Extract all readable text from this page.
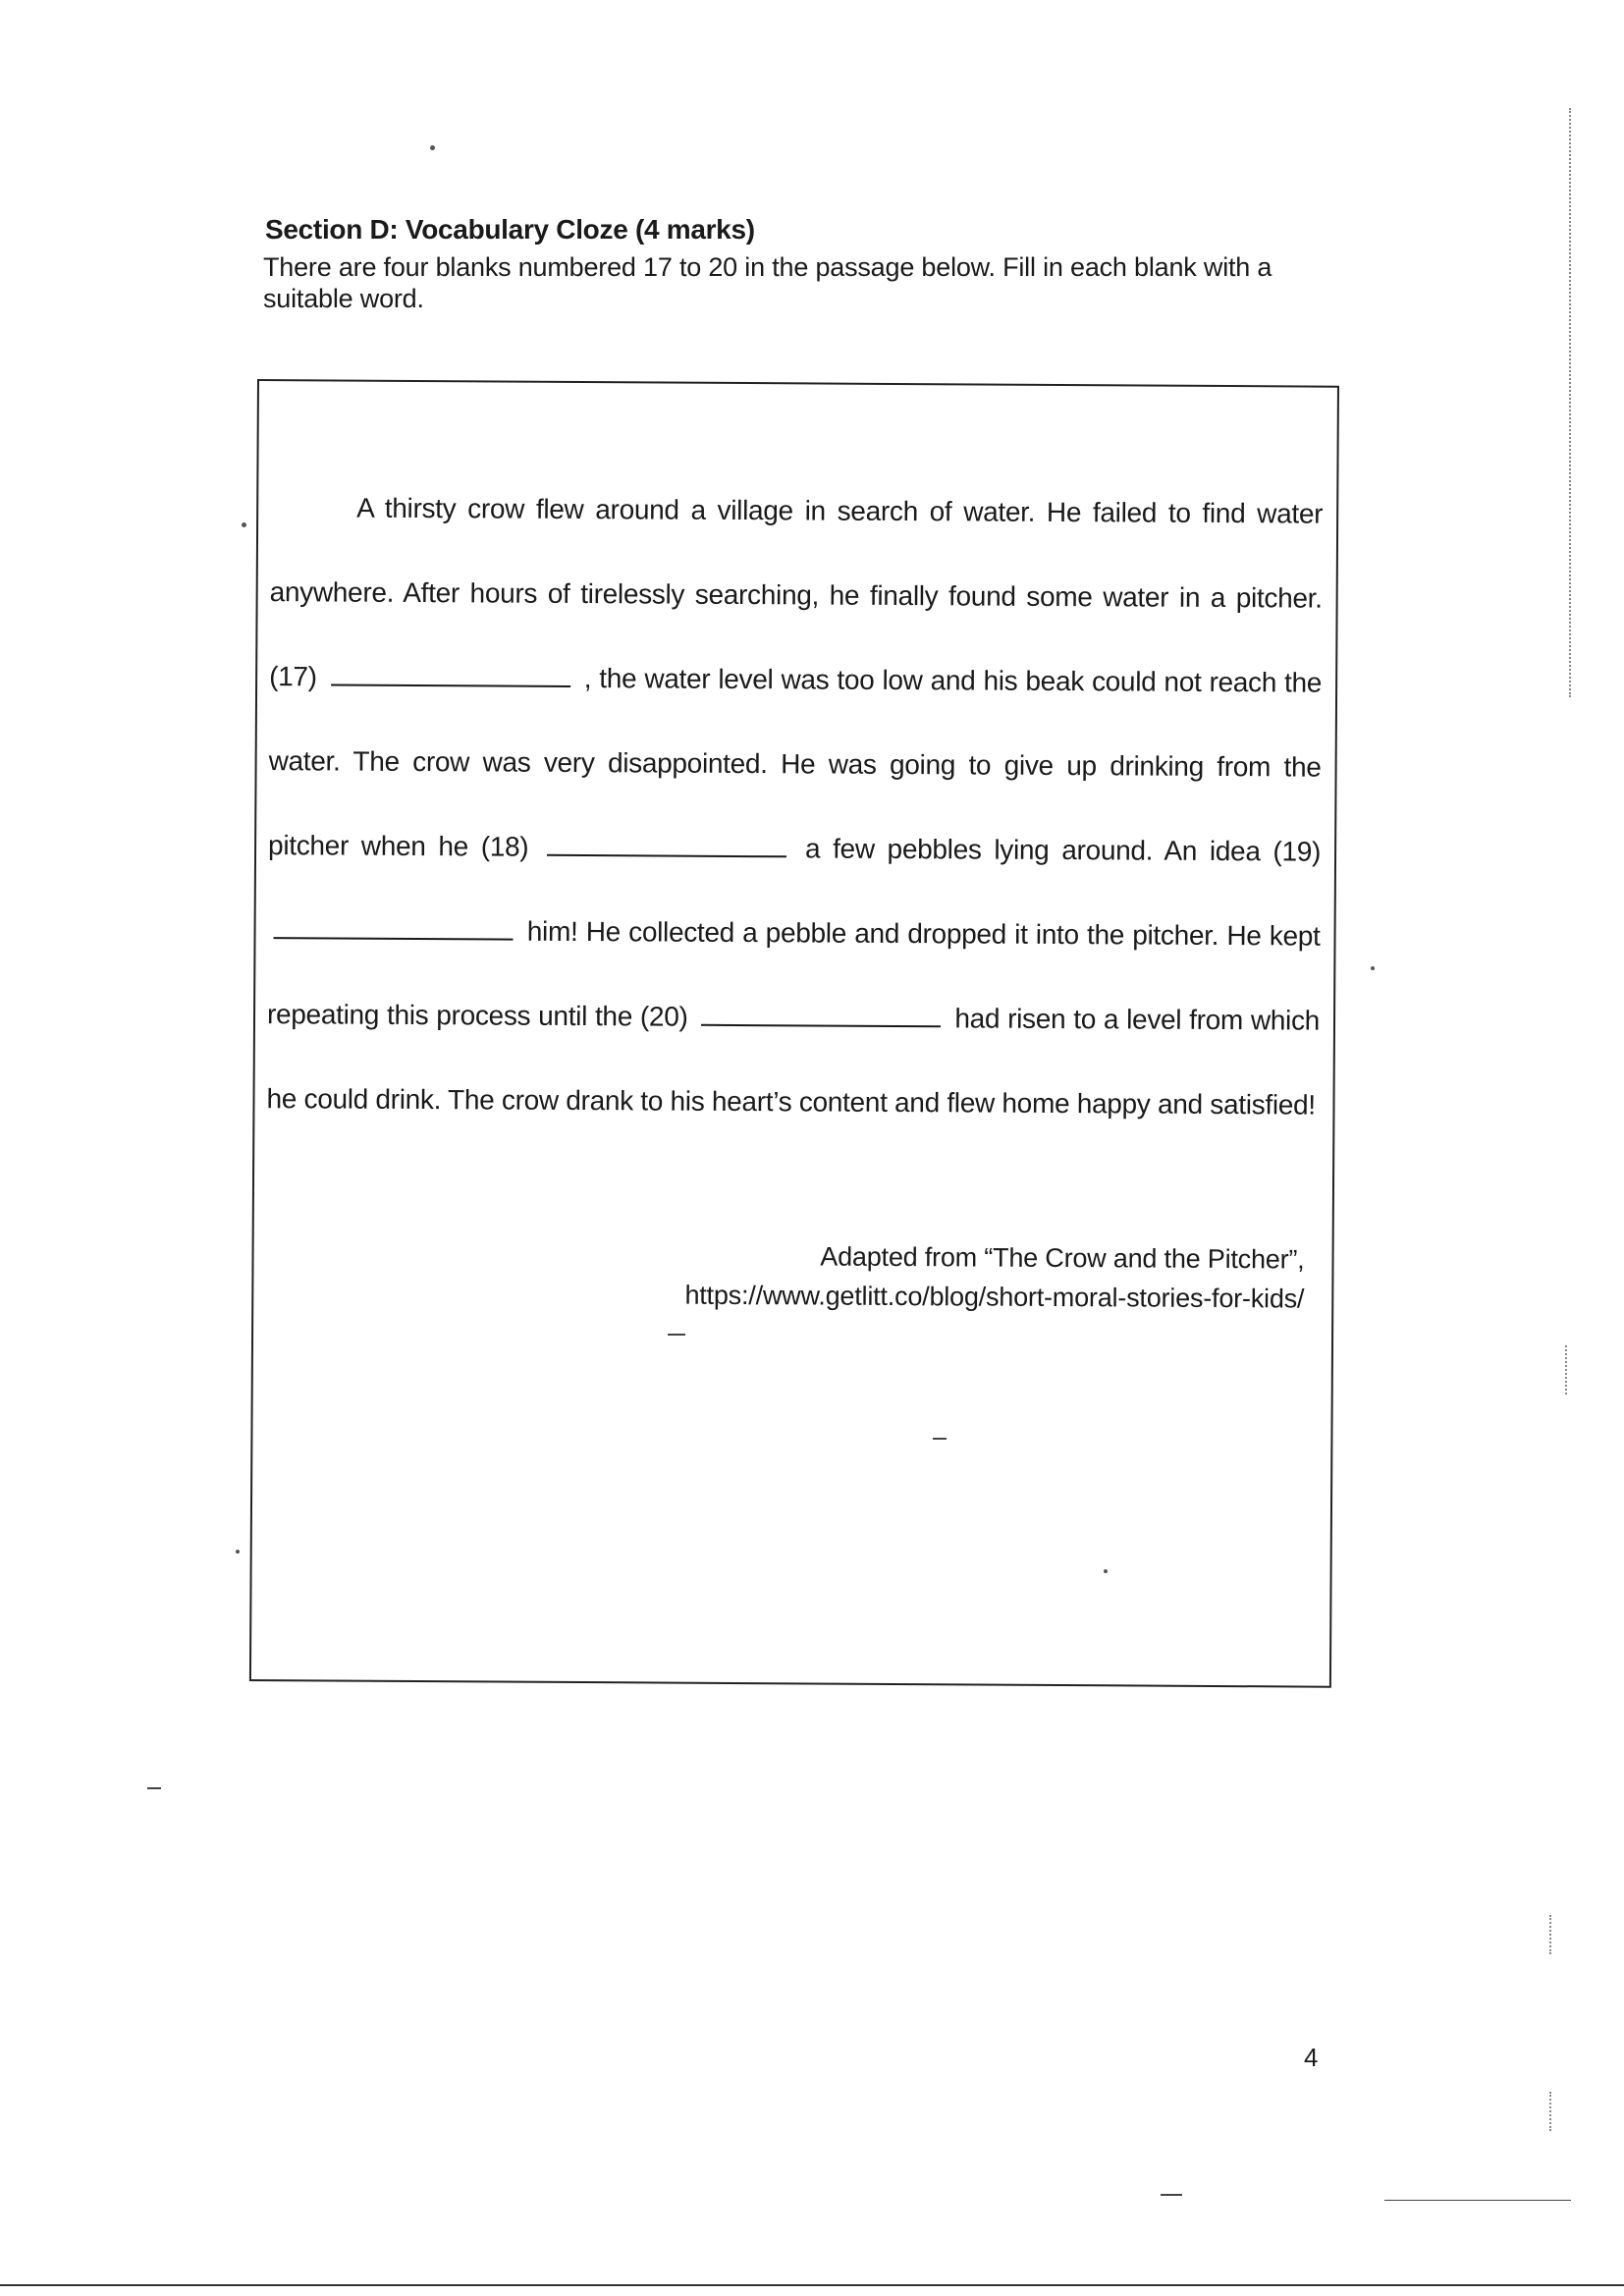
Section D: Vocabulary Cloze (4 marks)
There are four blanks numbered 17 to 20 in the passage below. Fill in each blank with a suitable word.

A thirsty crow flew around a village in search of water. He failed to find water anywhere. After hours of tirelessly searching, he finally found some water in a pitcher. (17)	, the water level was too low and his beak could not reach the water. The crow was very disappointed. He was going to give up drinking from the pitcher when he (18)	a few pebbles lying around. An idea (19)  him! He collected a pebble and dropped it into the pitcher. He kept repeating this process until the (20)	had risen to a level from which he could drink. The crow drank to his heart’s content and flew home happy and satisfied!

Adapted from “The Crow and the Pitcher”,
https://www.getlitt.co/blog/short-moral-stories-for-kids/
4
